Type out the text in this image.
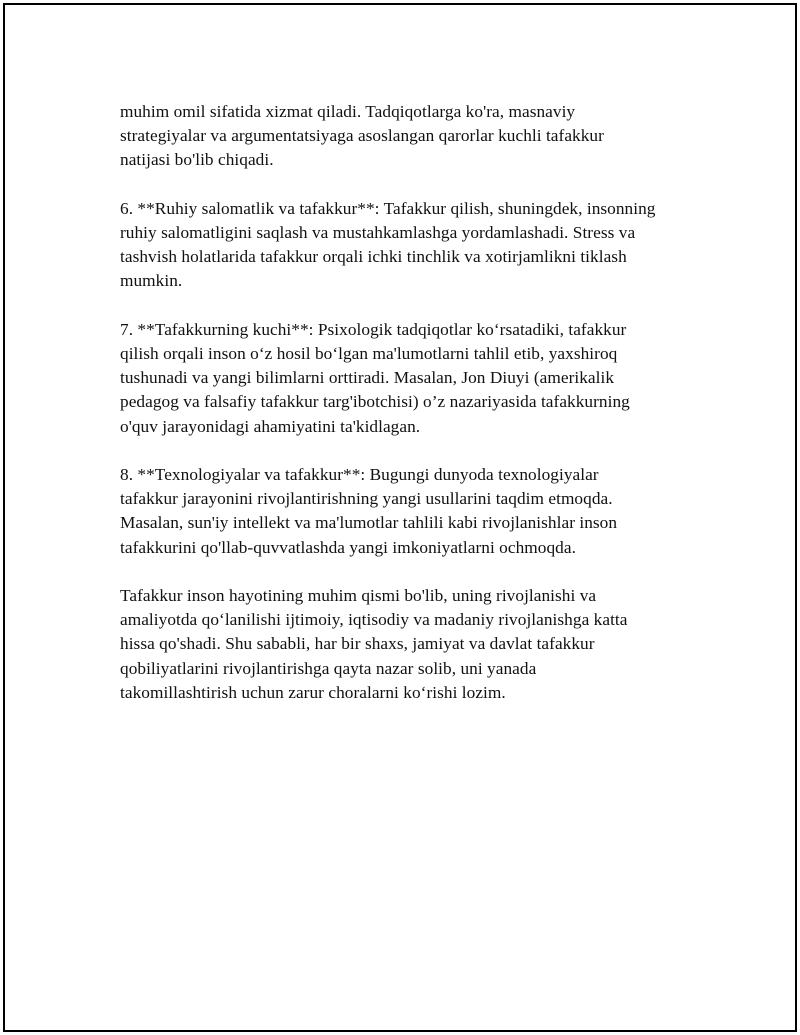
muhim omil sifatida xizmat qiladi. Tadqiqotlarga ko'ra, masnaviy
strategiyalar va argumentatsiyaga asoslangan qarorlar kuchli tafakkur
natijasi bo'lib chiqadi.

6. **Ruhiy salomatlik va tafakkur**: Tafakkur qilish, shuningdek, insonning
ruhiy salomatligini saqlash va mustahkamlashga yordamlashadi. Stress va
tashvish holatlarida tafakkur orqali ichki tinchlik va xotirjamlikni tiklash
mumkin.

7. **Tafakkurning kuchi**: Psixologik tadqiqotlar ko‘rsatadiki, tafakkur
qilish orqali inson o‘z hosil bo‘lgan ma'lumotlarni tahlil etib, yaxshiroq
tushunadi va yangi bilimlarni orttiradi. Masalan, Jon Diuyi (amerikalik
pedagog va falsafiy tafakkur targ'ibotchisi) o’z nazariyasida tafakkurning
o'quv jarayonidagi ahamiyatini ta'kidlagan.

8. **Texnologiyalar va tafakkur**: Bugungi dunyoda texnologiyalar
tafakkur jarayonini rivojlantirishning yangi usullarini taqdim etmoqda.
Masalan, sun'iy intellekt va ma'lumotlar tahlili kabi rivojlanishlar inson
tafakkurini qo'llab-quvvatlashda yangi imkoniyatlarni ochmoqda.

Tafakkur inson hayotining muhim qismi bo'lib, uning rivojlanishi va
amaliyotda qo‘lanilishi ijtimoiy, iqtisodiy va madaniy rivojlanishga katta
hissa qo'shadi. Shu sababli, har bir shaxs, jamiyat va davlat tafakkur
qobiliyatlarini rivojlantirishga qayta nazar solib, uni yanada
takomillashtirish uchun zarur choralarni ko‘rishi lozim.
